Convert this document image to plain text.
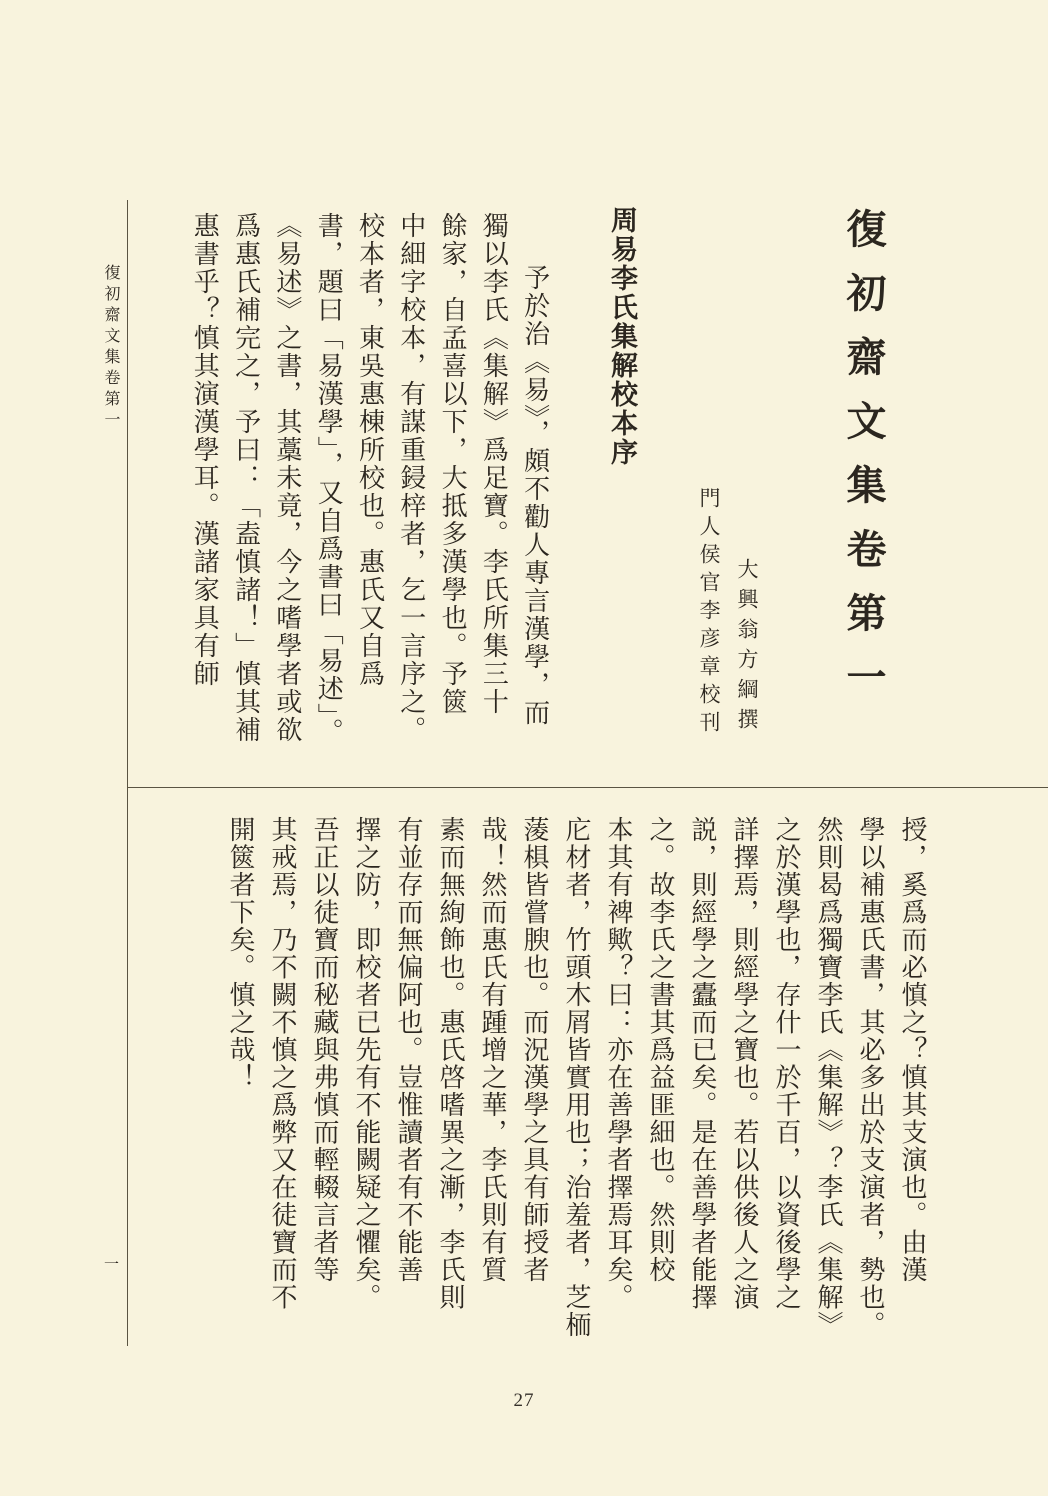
復初齋文集卷第一
一
復初齋文集卷第一
門人侯官李彦章校刊 大興翁方綱撰
周易李氏集解校本序
予於治《易》，頗不勸人專言漢學，而
獨以李氏《集解》爲足寶。李氏所集三十
餘家，自孟喜以下，大抵多漢學也。予篋
中細字校本，有謀重鋟梓者，乞一言序之。
校本者，東吳惠棟所校也。惠氏又自爲
書，題曰「易漢學」，又自爲書曰「易述」。
《易述》之書，其藁未竟，今之嗜學者或欲
爲惠氏補完之，予曰：「盍慎諸！」慎其補
惠書乎？慎其演漢學耳。漢諸家具有師
授，奚爲而必慎之？慎其支演也。由漢
學以補惠氏書，其必多出於支演者，勢也。
然則曷爲獨寶李氏《集解》？李氏《集解》
之於漢學也，存什一於千百，以資後學之
詳擇焉，則經學之寶也。若以供後人之演
説，則經學之蠹而已矣。是在善學者能擇
之。故李氏之書其爲益匪細也。然則校
本其有裨歟？曰：亦在善學者擇焉耳矣。
庀材者，竹頭木屑皆實用也；治羞者，芝栭
蔆椇皆嘗腴也。而況漢學之具有師授者
哉！然而惠氏有踵增之華，李氏則有質
素而無絢飾也。惠氏啓嗜異之漸，李氏則
有並存而無偏阿也。豈惟讀者有不能善
擇之防，即校者已先有不能闕疑之懼矣。
吾正以徒寶而秘藏與弗慎而輕輟言者等
其戒焉，乃不闕不慎之爲弊又在徒寶而不
開篋者下矣。慎之哉！
27
